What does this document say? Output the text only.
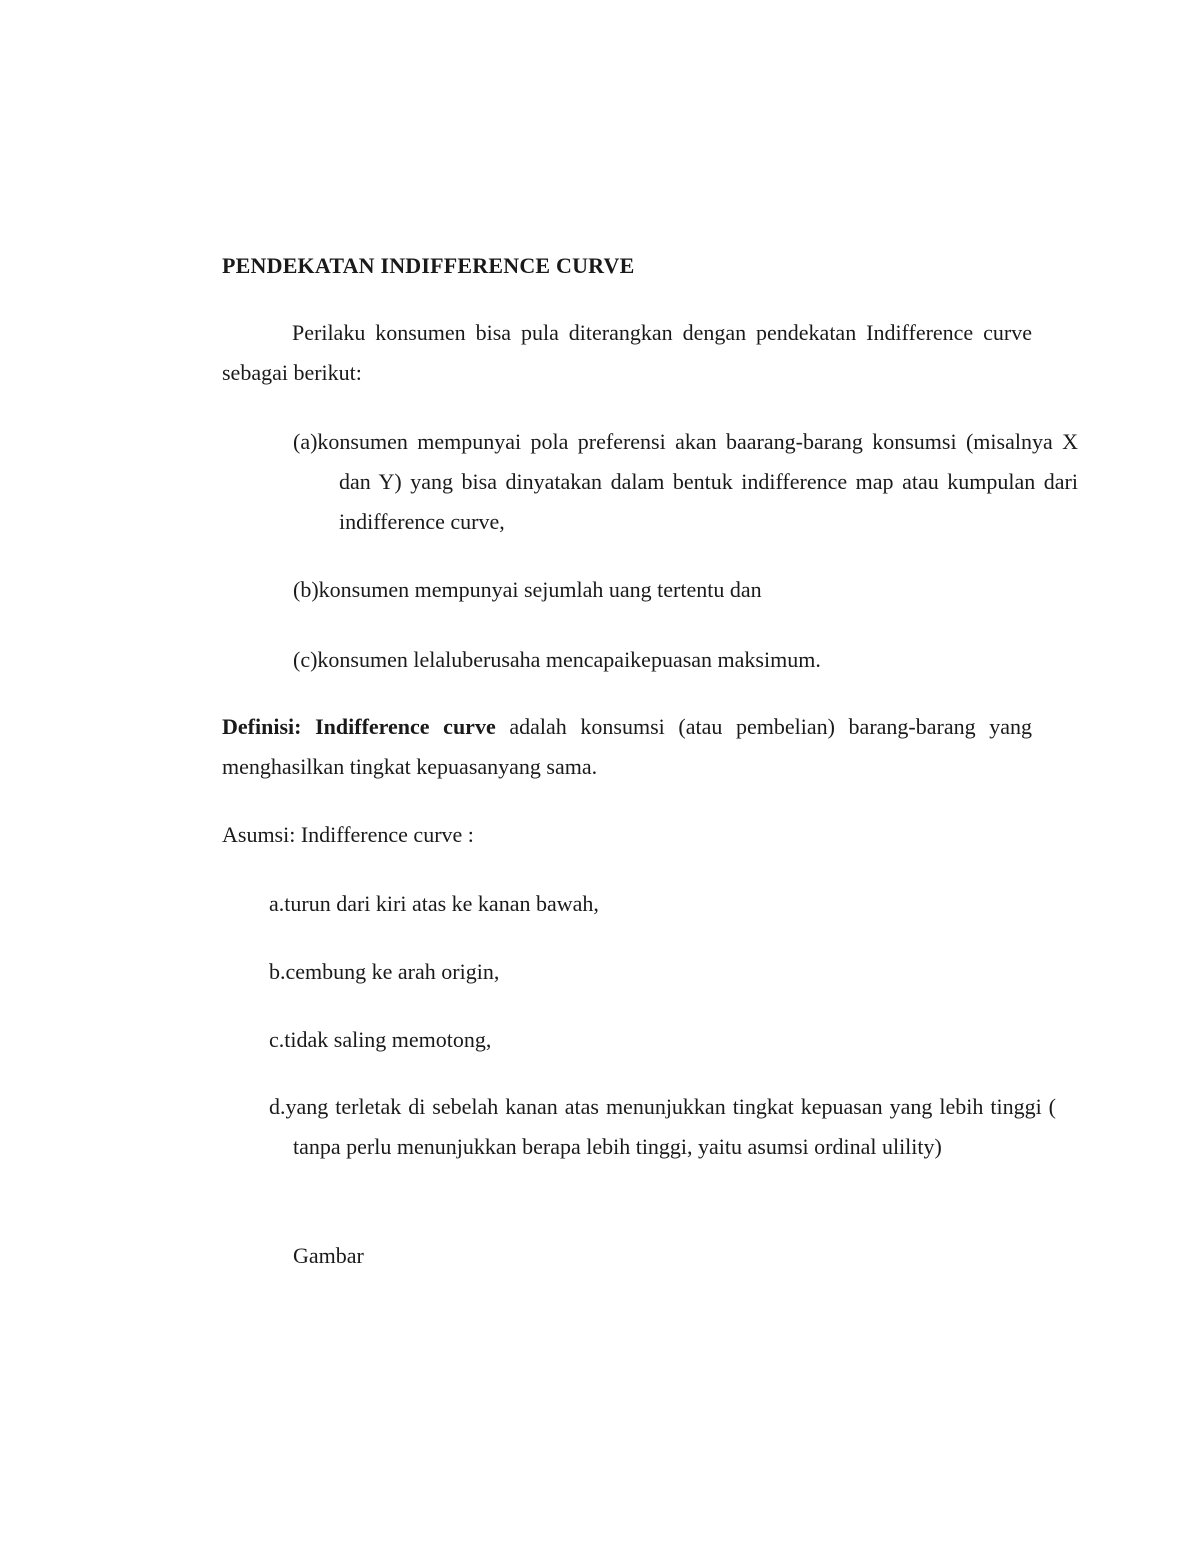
PENDEKATAN INDIFFERENCE CURVE

Perilaku konsumen bisa pula diterangkan dengan pendekatan Indifference curve sebagai berikut:

(a)konsumen mempunyai pola preferensi akan baarang-barang konsumsi (misalnya X dan Y) yang bisa dinyatakan dalam bentuk indifference map atau kumpulan dari indifference curve,

(b)konsumen mempunyai sejumlah uang tertentu dan

(c)konsumen lelaluberusaha mencapaikepuasan maksimum.

Definisi: Indifference curve adalah konsumsi (atau pembelian) barang-barang yang menghasilkan tingkat kepuasanyang sama.

Asumsi: Indifference curve :

a.turun dari kiri atas ke kanan bawah,

b.cembung ke arah origin,

c.tidak saling memotong,

d.yang terletak di sebelah kanan atas menunjukkan tingkat kepuasan yang lebih tinggi ( tanpa perlu menunjukkan berapa lebih tinggi, yaitu asumsi ordinal ulility)

Gambar
